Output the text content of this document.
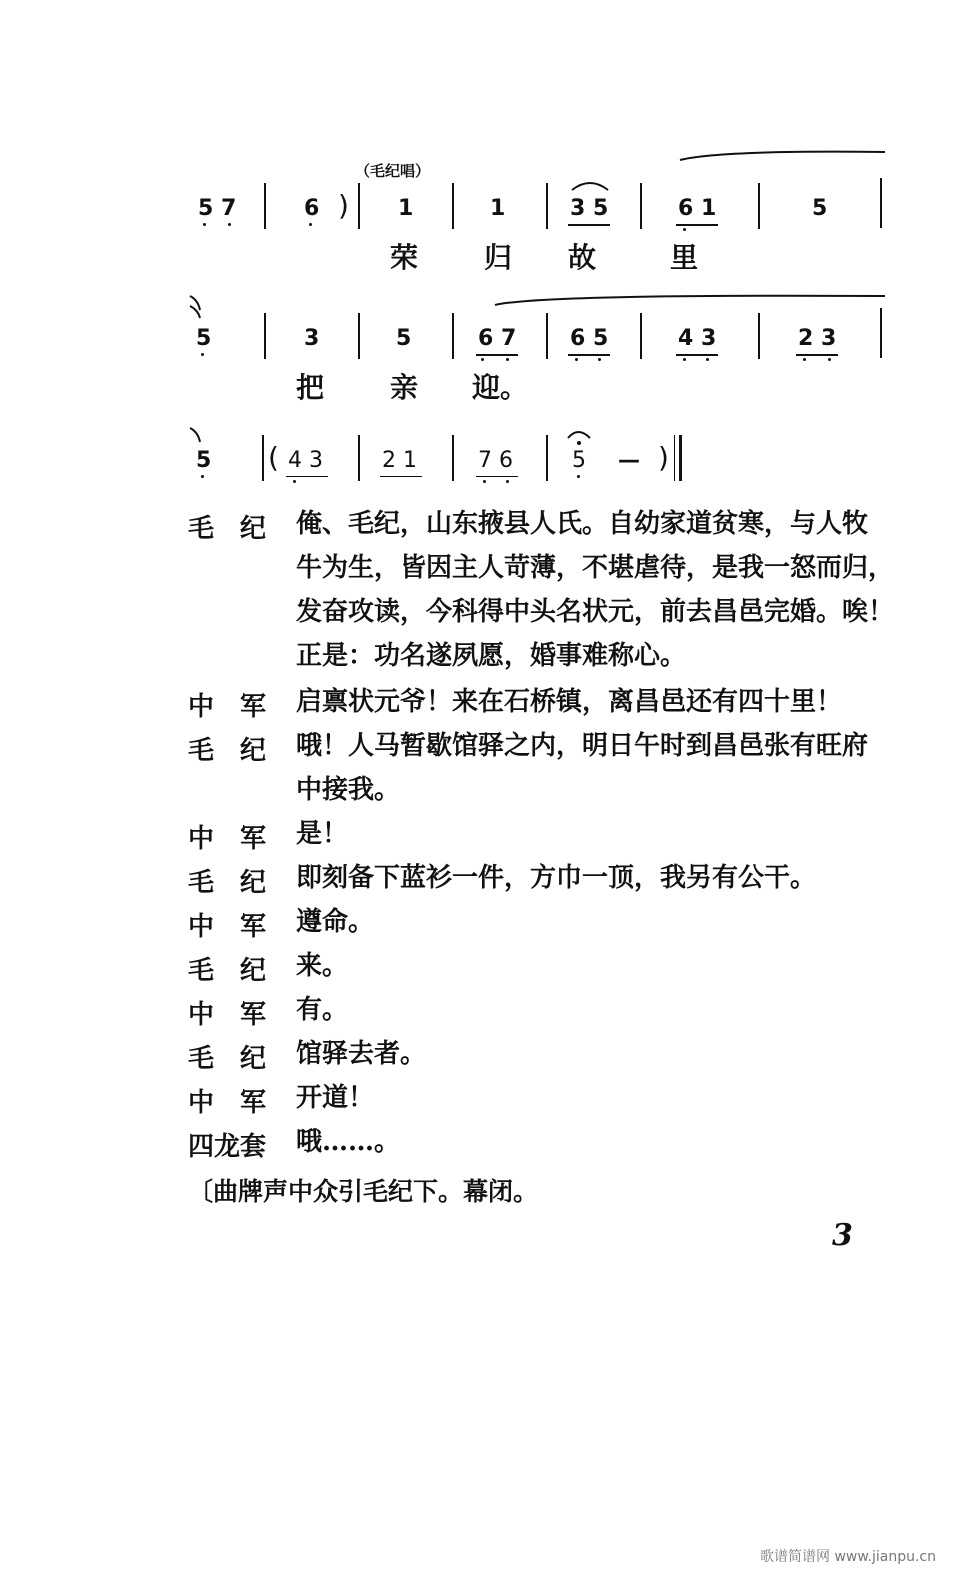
（毛纪唱）
5 7	6 ) 1	1	3 5	6 1	5
荣 归 故	里
5	3	5	6 7 6 5	4 3	2 3
把 亲 迎。
5 ( 4 3	2 1	7 6	5 — )
毛纪 俺、毛纪，山东掖县人氏。自幼家道贫寒，与人牧
牛为生，皆因主人苛薄，不堪虐待，是我一怒而归，
发奋攻读，今科得中头名状元，前去昌邑完婚。唉！
正是：功名遂夙愿，婚事难称心。
中军 启禀状元爷！来在石桥镇，离昌邑还有四十里！
毛纪 哦！人马暂歇馆驿之内，明日午时到昌邑张有旺府
中接我。
中军 是！
毛纪 即刻备下蓝衫一件，方巾一顶，我另有公干。
中军 遵命。
毛纪 来。
中军 有。
毛纪 馆驿去者。
中军 开道！
四龙套 哦……。
〔曲牌声中众引毛纪下。幕闭。
3
歌谱简谱网 www.jianpu.cn
